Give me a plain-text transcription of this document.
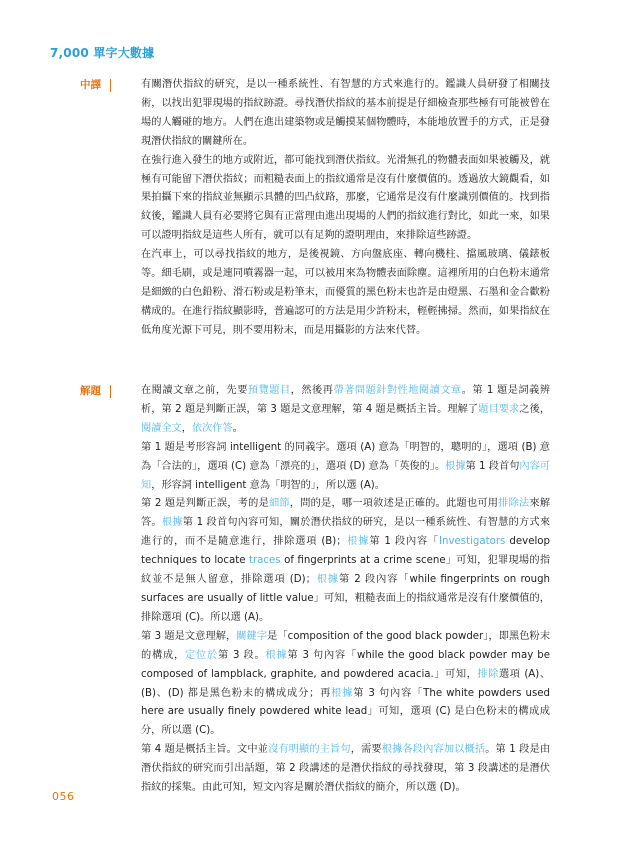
7,000 單字大數據
中譯	有關潛伏指紋的研究，是以一種系統性、有智慧的方式來進行的。鑑識人員研發了相關技術，以找出犯罪現場的指紋跡證。尋找潛伏指紋的基本前提是仔細檢查那些極有可能被曾在場的人觸碰的地方。人們在進出建築物或是觸摸某個物體時，本能地放置手的方式，正是發現潛伏指紋的關鍵所在。

在強行進入發生的地方或附近，都可能找到潛伏指紋。光滑無孔的物體表面如果被觸及，就極有可能留下潛伏指紋；而粗糙表面上的指紋通常是沒有什麼價值的。透過放大鏡觀看，如果拍攝下來的指紋並無顯示具體的凹凸紋路，那麼，它通常是沒有什麼識別價值的。找到指紋後，鑑識人員有必要將它與有正當理由進出現場的人們的指紋進行對比，如此一來，如果可以證明指紋是這些人所有，就可以有足夠的證明理由，來排除這些跡證。

在汽車上，可以尋找指紋的地方，是後視鏡、方向盤底座、轉向機柱、擋風玻璃、儀錶板等。細毛刷，或是連同噴霧器一起，可以被用來為物體表面除塵。這裡所用的白色粉末通常是細緻的白色鉛粉、滑石粉或是粉筆末，而優質的黑色粉末也許是由燈黑、石墨和金合歡粉構成的。在進行指紋顯影時，普遍認可的方法是用少許粉末，輕輕拂掃。然而，如果指紋在低角度光源下可見，則不要用粉末，而是用攝影的方法來代替。

解題	在閱讀文章之前，先要預覽題目，然後再帶著問題針對性地閱讀文章。第 1 題是詞義辨析，第 2 題是判斷正誤，第 3 題是文意理解，第 4 題是概括主旨。理解了題目要求之後，閱讀全文，依次作答。

第 1 題是考形容詞 intelligent 的同義字。選項 (A) 意為「明智的，聰明的」，選項 (B) 意為「合法的」，選項 (C) 意為「漂亮的」，選項 (D) 意為「英俊的」。根據第 1 段首句內容可知，形容詞 intelligent 意為「明智的」，所以選 (A)。

第 2 題是判斷正誤，考的是細節，問的是，哪一項敘述是正確的。此題也可用排除法來解答。根據第 1 段首句內容可知，關於潛伏指紋的研究，是以一種系統性、有智慧的方式來進行的，而不是隨意進行，排除選項 (B)；根據第 1 段內容「Investigators develop techniques to locate traces of fingerprints at a crime scene」可知，犯罪現場的指紋並不是無人留意，排除選項 (D)；根據第 2 段內容「while fingerprints on rough surfaces are usually of little value」可知，粗糙表面上的指紋通常是沒有什麼價值的，排除選項 (C)。所以選 (A)。

第 3 題是文意理解，關鍵字是「composition of the good black powder」，即黑色粉末的構成，定位於第 3 段。根據第 3 句內容「while the good black powder may be composed of lampblack, graphite, and powdered acacia.」可知，排除選項 (A)、(B)、(D) 都是黑色粉末的構成成分；再根據第 3 句內容「The white powders used here are usually finely powdered white lead」可知，選項 (C) 是白色粉末的構成成分，所以選 (C)。

第 4 題是概括主旨。文中並沒有明顯的主旨句，需要根據各段內容加以概括。第 1 段是由潛伏指紋的研究而引出話題，第 2 段講述的是潛伏指紋的尋找發現，第 3 段講述的是潛伏指紋的採集。由此可知，短文內容是關於潛伏指紋的簡介，所以選 (D)。

056
